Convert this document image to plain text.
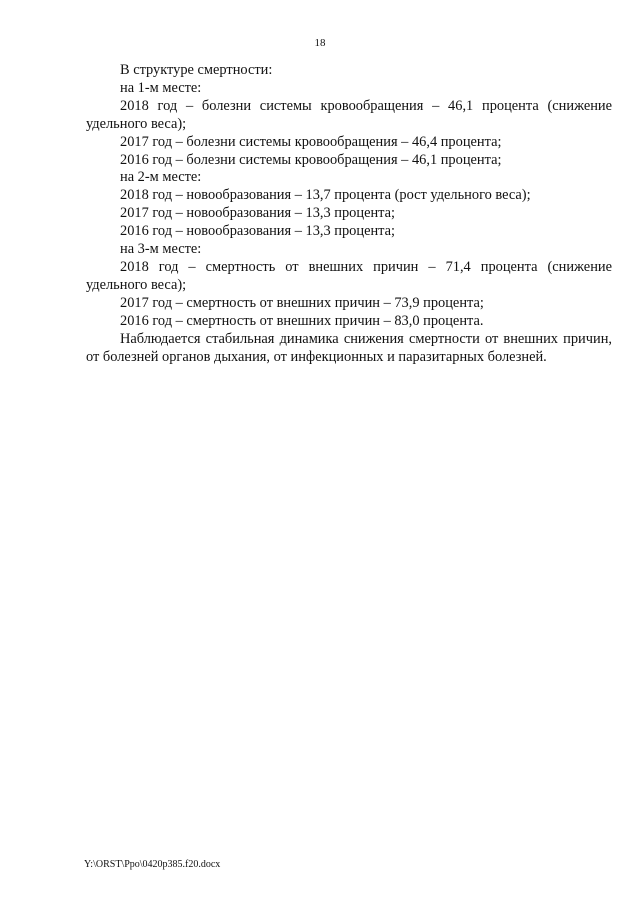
18

В структуре смертности:

на 1-м месте:

2018 год – болезни системы кровообращения – 46,1 процента (снижение удельного веса);

2017 год – болезни системы кровообращения – 46,4 процента;

2016 год – болезни системы кровообращения – 46,1 процента;

на 2-м месте:

2018 год – новообразования – 13,7 процента (рост удельного веса);

2017 год – новообразования – 13,3 процента;

2016 год – новообразования – 13,3 процента;

на 3-м месте:

2018 год – смертность от внешних причин – 71,4 процента (снижение удельного веса);

2017 год – смертность от внешних причин – 73,9 процента;

2016 год – смертность от внешних причин – 83,0 процента.

Наблюдается стабильная динамика снижения смертности от внешних причин, от болезней органов дыхания, от инфекционных и паразитарных болезней.

Y:\ORST\Ppo\0420p385.f20.docx
